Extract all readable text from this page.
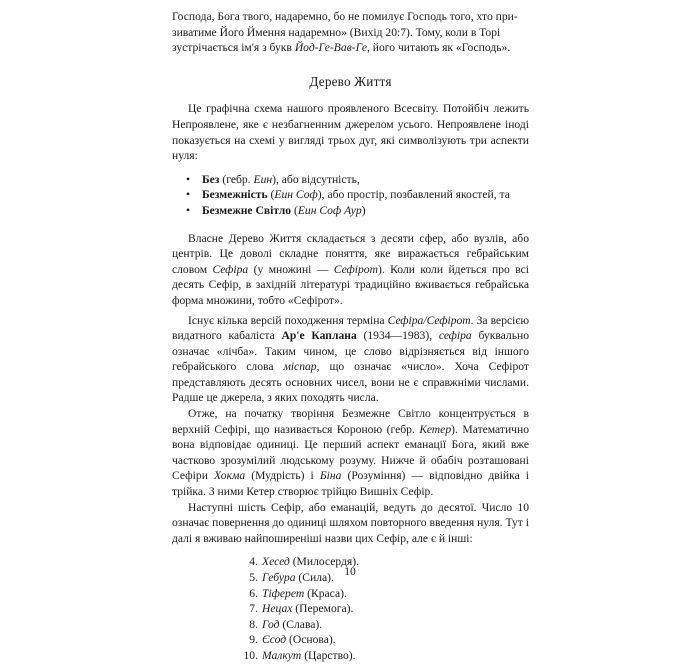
Господа, Бога твого, надаремно, бо не помилує Господь того, хто при-
зиватиме Його Ймення надаремно» (Вихід 20:7). Тому, коли в Торі
зустрічається ім'я з букв Йод-Ге-Вав-Ге, його читають як «Господь».

Дерево Життя

Це графічна схема нашого проявленого Всесвіту. Потойбіч лежить Непроявлене, яке є незбагненним джерелом усього. Непроявлене іноді показується на схемі у вигляді трьох дуг, які символізують три аспекти нуля:

• Без (гебр. Еин), або відсутність,
• Безмежність (Еин Соф), або простір, позбавлений якостей, та
• Безмежне Світло (Еин Соф Ауp)

Власне Дерево Життя складається з десяти сфер, або вузлів, або центрів. Це доволі складне поняття, яке виражається гебрайським словом Сефіра (у множині — Сефірот). Коли коли йдеться про всі десять Сефір, в західній літературі традиційно вживається гебрайська форма множини, тобто «Сефірот».

Існує кілька версій походження терміна Сефіра/Сефірот. За версією видатного кабаліста Ар'е Каплана (1934—1983), сефіра буквально означає «лічба». Таким чином, це слово відрізняється від іншого гебрайського слова міспар, що означає «число». Хоча Сефірот представляють десять основних чисел, вони не є справжніми числами. Радше це джерела, з яких походять числа.

Отже, на початку творіння Безмежне Світло концентрується в верхній Сефірі, що називається Короною (гебр. Кетер). Математично вона відповідає одиниці. Це перший аспект еманації Бога, який вже частково зрозумілий людському розуму. Нижче й обабіч розташовані Сефіри Хокма (Мудрість) і Біна (Розуміння) — відповідно двійка і трійка. З ними Кетер створює трійцю Вишніх Сефір.

Наступні шість Сефір, або еманацій, ведуть до десятої. Число 10 означає повернення до одиниці шляхом повторного введення нуля. Тут і далі я вживаю найпоширеніші назви цих Сефір, але є й інші:

4. Хесед (Милосердя).
5. Гебура (Сила).
6. Тіферет (Краса).
7. Нецах (Перемога).
8. Год (Слава).
9. Єсод (Основа).
10. Малкут (Царство).
10
